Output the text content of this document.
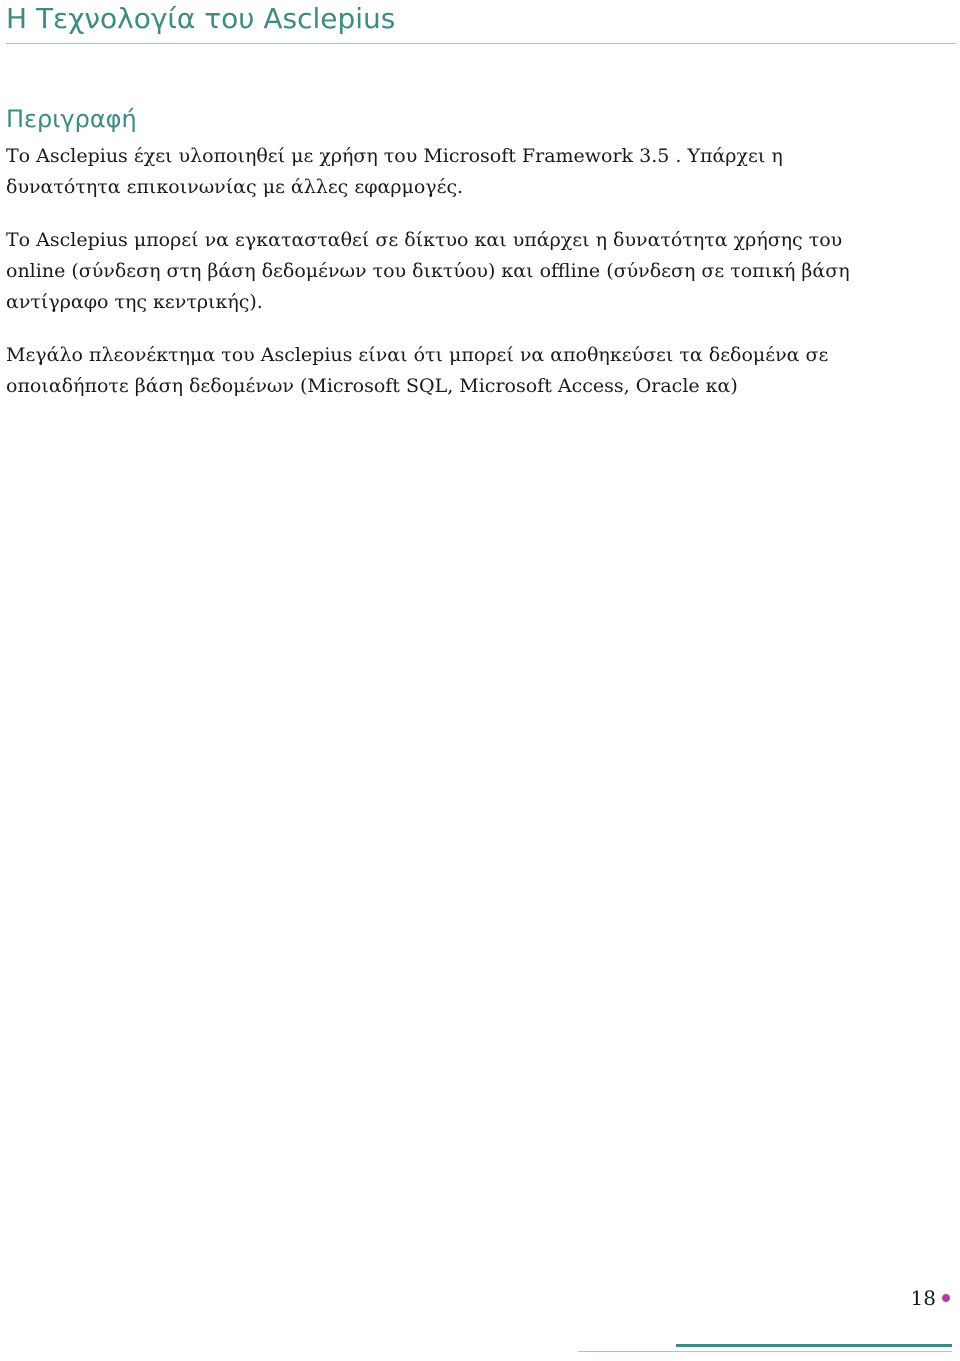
Η Τεχνολογία του Asclepius
Περιγραφή

Το Asclepius έχει υλοποιηθεί με χρήση του Microsoft Framework 3.5 . Υπάρχει η
δυνατότητα επικοινωνίας με άλλες εφαρμογές.

Το Asclepius μπορεί να εγκατασταθεί σε δίκτυο και υπάρχει η δυνατότητα χρήσης του
online (σύνδεση στη βάση δεδομένων του δικτύου) και offline (σύνδεση σε τοπική βάση
αντίγραφο της κεντρικής).

Μεγάλο πλεονέκτημα του Asclepius είναι ότι μπορεί να αποθηκεύσει τα δεδομένα σε
οποιαδήποτε βάση δεδομένων (Microsoft SQL, Microsoft Access, Oracle κα)

18
